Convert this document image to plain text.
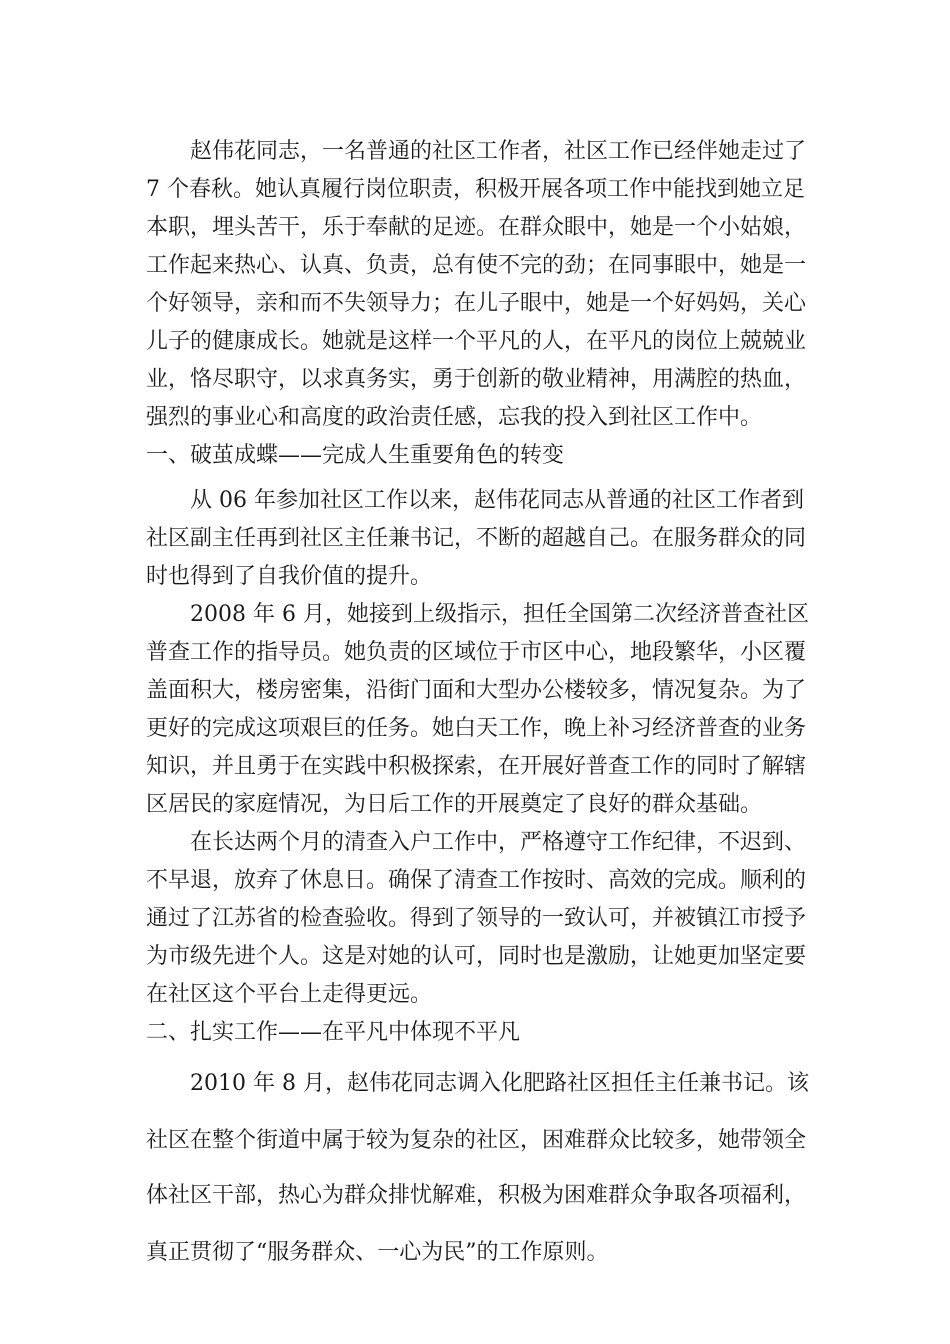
赵伟花同志，一名普通的社区工作者，社区工作已经伴她走过了
7 个春秋。她认真履行岗位职责，积极开展各项工作中能找到她立足
本职，埋头苦干，乐于奉献的足迹。在群众眼中，她是一个小姑娘，
工作起来热心、认真、负责，总有使不完的劲；在同事眼中，她是一
个好领导，亲和而不失领导力；在儿子眼中，她是一个好妈妈，关心
儿子的健康成长。她就是这样一个平凡的人，在平凡的岗位上兢兢业
业，恪尽职守，以求真务实，勇于创新的敬业精神，用满腔的热血，
强烈的事业心和高度的政治责任感，忘我的投入到社区工作中。
一、破茧成蝶——完成人生重要角色的转变
从 06 年参加社区工作以来，赵伟花同志从普通的社区工作者到
社区副主任再到社区主任兼书记，不断的超越自己。在服务群众的同
时也得到了自我价值的提升。
2008 年 6 月，她接到上级指示，担任全国第二次经济普查社区
普查工作的指导员。她负责的区域位于市区中心，地段繁华，小区覆
盖面积大，楼房密集，沿街门面和大型办公楼较多，情况复杂。为了
更好的完成这项艰巨的任务。她白天工作，晚上补习经济普查的业务
知识，并且勇于在实践中积极探索，在开展好普查工作的同时了解辖
区居民的家庭情况，为日后工作的开展奠定了良好的群众基础。
在长达两个月的清查入户工作中，严格遵守工作纪律，不迟到、
不早退，放弃了休息日。确保了清查工作按时、高效的完成。顺利的
通过了江苏省的检查验收。得到了领导的一致认可，并被镇江市授予
为市级先进个人。这是对她的认可，同时也是激励，让她更加坚定要
在社区这个平台上走得更远。
二、扎实工作——在平凡中体现不平凡
2010 年 8 月，赵伟花同志调入化肥路社区担任主任兼书记。该
社区在整个街道中属于较为复杂的社区，困难群众比较多，她带领全
体社区干部，热心为群众排忧解难，积极为困难群众争取各项福利，
真正贯彻了“服务群众、一心为民”的工作原则。
